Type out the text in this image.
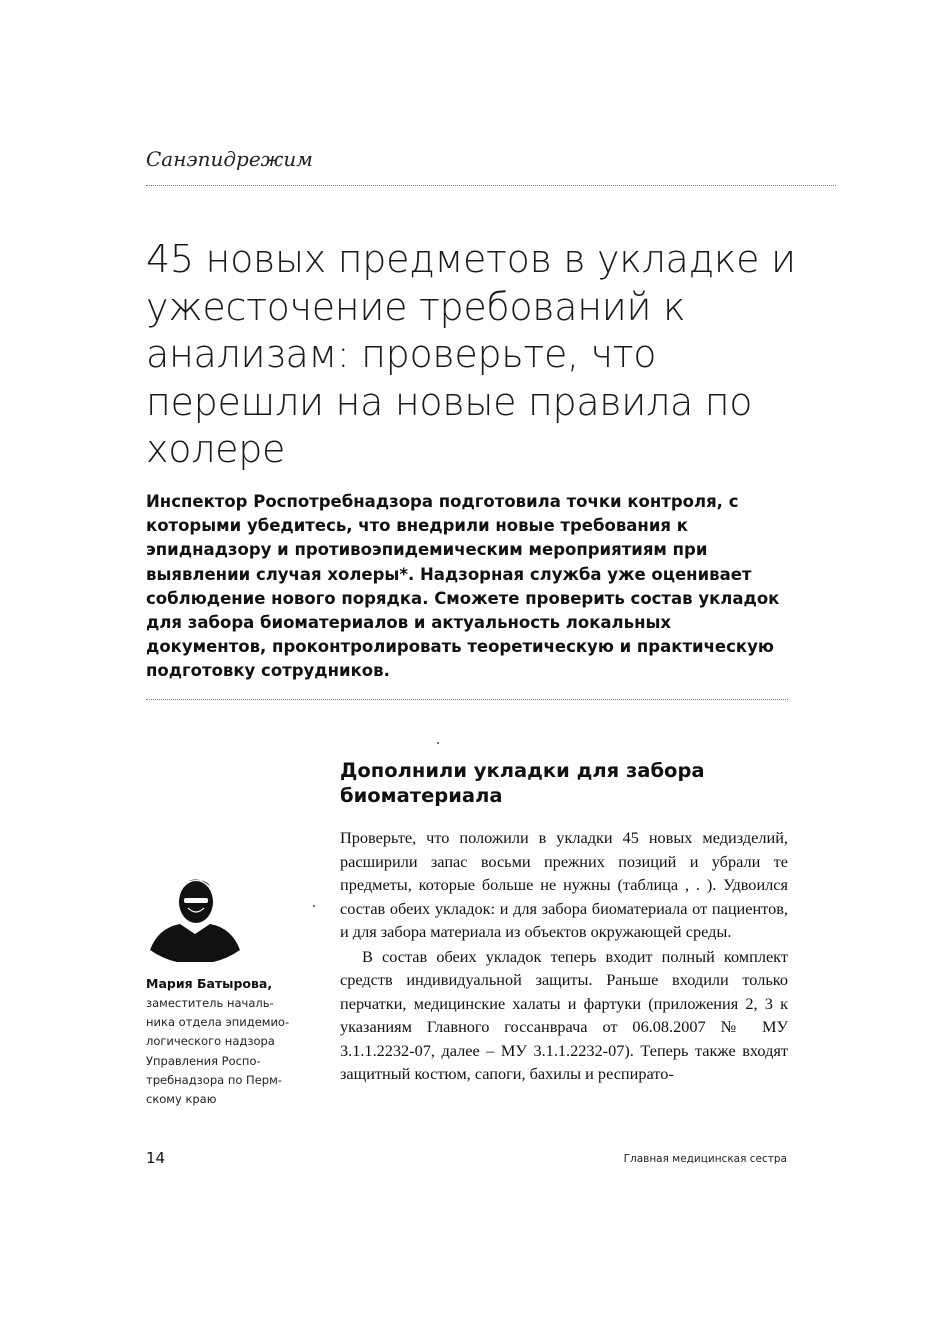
Санэпидрежим
45 новых предметов в укладке и ужесточение требований к анализам: проверьте, что перешли на новые правила по холере

Инспектор Роспотребнадзора подготовила точки контроля, с которыми убедитесь, что внедрили новые требования к эпиднадзору и противоэпидемическим мероприятиям при выявлении случая холеры*. Надзорная служба уже оценивает соблюдение нового порядка. Сможете проверить состав укладок для забора биоматериалов и актуальность локальных документов, проконтролировать теоретическую и практическую подготовку сотрудников.

Дополнили укладки для забора биоматериала

Проверьте, что положили в укладки 45 новых медизделий, расширили запас восьми прежних позиций и убрали те предметы, которые больше не нужны (таблица , . ). Удвоился состав обеих укладок: и для забора биоматериала от пациентов, и для забора материала из объектов окружающей среды.

В состав обеих укладок теперь входит полный комплект средств индивидуальной защиты. Раньше входили только перчатки, медицинские халаты и фартуки (приложения 2, 3 к указаниям Главного госсанврача от 06.08.2007 № МУ 3.1.1.2232-07, далее – МУ 3.1.1.2232-07). Теперь также входят защитный костюм, сапоги, бахилы и респирато-

Мария Батырова,

заместитель началь-
ника отдела эпидемио-
логического надзора
Управления Роспо-
требнадзора по Перм-
скому краю

14	Главная медицинская сестра
